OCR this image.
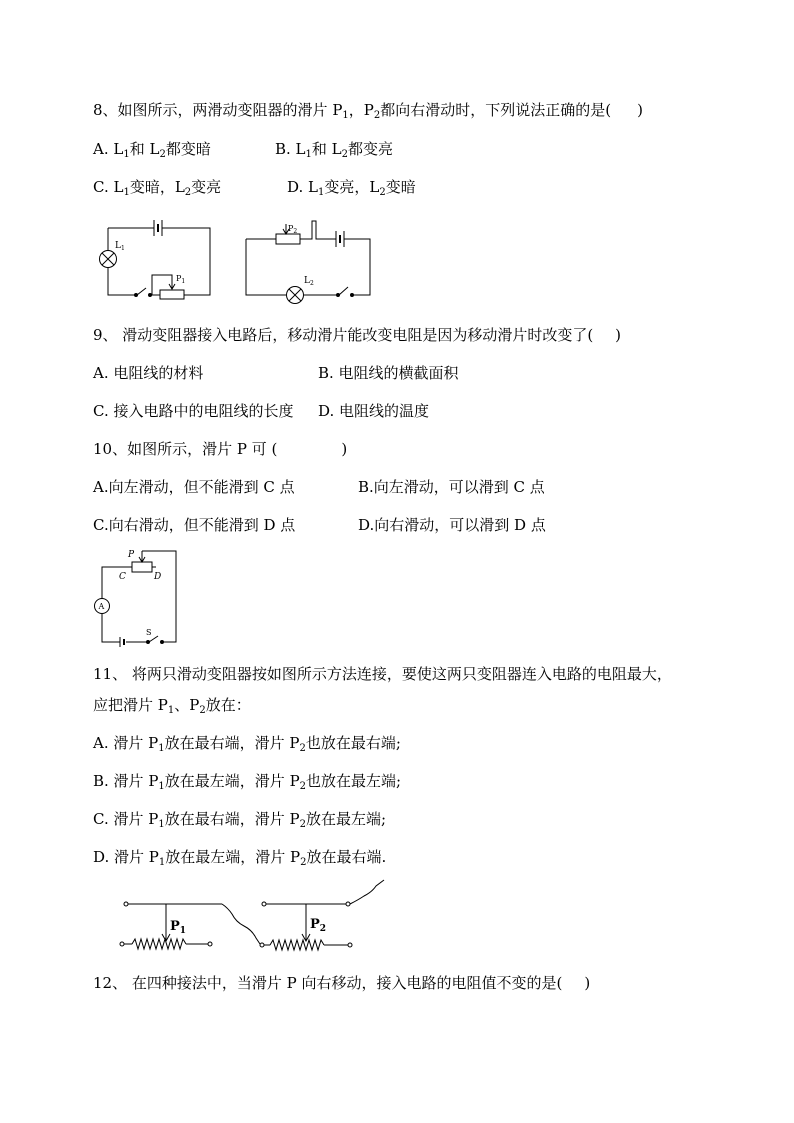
8、如图所示，两滑动变阻器的滑片 $P_1$，$P_2$都向右滑动时，下列说法正确的是( )
A. $L_1$和 $L_2$都变暗	B. $L_1$和 $L_2$都变亮
C. $L_1$变暗，$L_2$变亮	D. $L_1$变亮，$L_2$变暗
$L_1$
$P_1$
$P_2$
$L_2$
9、 滑动变阻器接入电路后，移动滑片能改变电阻是因为移动滑片时改变了( )
A. 电阻线的材料	B. 电阻线的横截面积
C. 接入电路中的电阻线的长度 D. 电阻线的温度
10、如图所示，滑片 P 可 (	)
A.向左滑动，但不能滑到 C 点	B.向左滑动，可以滑到 C 点
C.向右滑动，但不能滑到 D 点	D.向右滑动，可以滑到 D 点
P
C	D
A
S
11、 将两只滑动变阻器按如图所示方法连接，要使这两只变阻器连入电路的电阻最大，
应把滑片 $P_1$、$P_2$放在：
A. 滑片 $P_1$放在最右端，滑片 $P_2$也放在最右端;
B. 滑片 $P_1$放在最左端，滑片 $P_2$也放在最左端;
C. 滑片 $P_1$放在最右端，滑片 $P_2$放在最左端;
D. 滑片 $P_1$放在最左端，滑片 $P_2$放在最右端.
$P_1$	$P_2$
12、 在四种接法中，当滑片 P 向右移动，接入电路的电阻值不变的是( )
